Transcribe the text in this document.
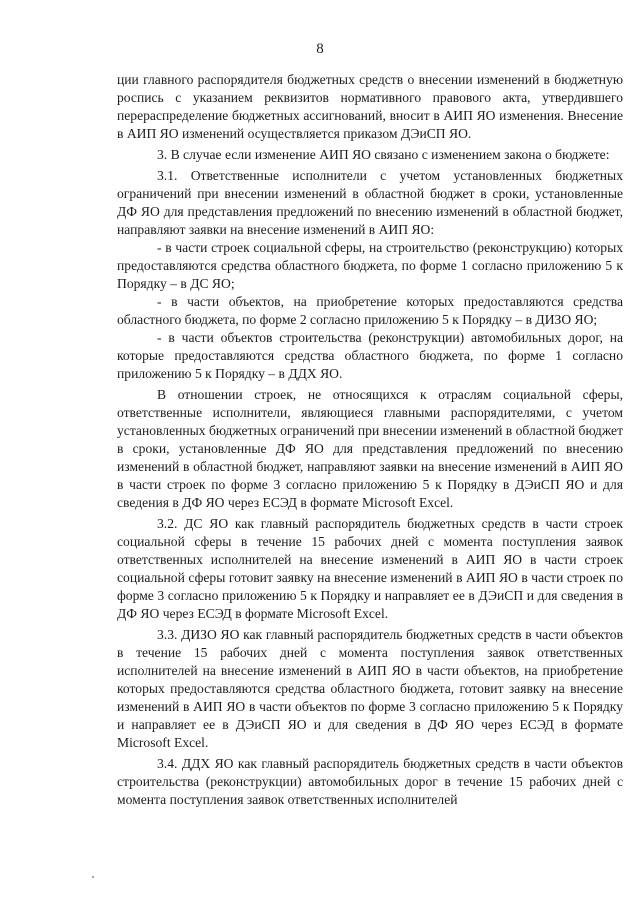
8

ции главного распорядителя бюджетных средств о внесении изменений в бюджетную роспись с указанием реквизитов нормативного правового акта, утвердившего перераспределение бюджетных ассигнований, вносит в АИП ЯО изменения. Внесение в АИП ЯО изменений осуществляется приказом ДЭиСП ЯО.

3. В случае если изменение АИП ЯО связано с изменением закона о бюджете:

3.1. Ответственные исполнители с учетом установленных бюджетных ограничений при внесении изменений в областной бюджет в сроки, установленные ДФ ЯО для представления предложений по внесению изменений в областной бюджет, направляют заявки на внесение изменений в АИП ЯО:

- в части строек социальной сферы, на строительство (реконструкцию) которых предоставляются средства областного бюджета, по форме 1 согласно приложению 5 к Порядку – в ДС ЯО;

- в части объектов, на приобретение которых предоставляются средства областного бюджета, по форме 2 согласно приложению 5 к Порядку – в ДИЗО ЯО;

- в части объектов строительства (реконструкции) автомобильных дорог, на которые предоставляются средства областного бюджета, по форме 1 согласно приложению 5 к Порядку – в ДДХ ЯО.

В отношении строек, не относящихся к отраслям социальной сферы, ответственные исполнители, являющиеся главными распорядителями, с учетом установленных бюджетных ограничений при внесении изменений в областной бюджет в сроки, установленные ДФ ЯО для представления предложений по внесению изменений в областной бюджет, направляют заявки на внесение изменений в АИП ЯО в части строек по форме 3 согласно приложению 5 к Порядку в ДЭиСП ЯО и для сведения в ДФ ЯО через ЕСЭД в формате Microsoft Excel.

3.2. ДС ЯО как главный распорядитель бюджетных средств в части строек социальной сферы в течение 15 рабочих дней с момента поступления заявок ответственных исполнителей на внесение изменений в АИП ЯО в части строек социальной сферы готовит заявку на внесение изменений в АИП ЯО в части строек по форме 3 согласно приложению 5 к Порядку и направляет ее в ДЭиСП и для сведения в ДФ ЯО через ЕСЭД в формате Microsoft Excel.

3.3. ДИЗО ЯО как главный распорядитель бюджетных средств в части объектов в течение 15 рабочих дней с момента поступления заявок ответственных исполнителей на внесение изменений в АИП ЯО в части объектов, на приобретение которых предоставляются средства областного бюджета, готовит заявку на внесение изменений в АИП ЯО в части объектов по форме 3 согласно приложению 5 к Порядку и направляет ее в ДЭиСП ЯО и для сведения в ДФ ЯО через ЕСЭД в формате Microsoft Excel.

3.4. ДДХ ЯО как главный распорядитель бюджетных средств в части объектов строительства (реконструкции) автомобильных дорог в течение 15 рабочих дней с момента поступления заявок ответственных исполнителей
